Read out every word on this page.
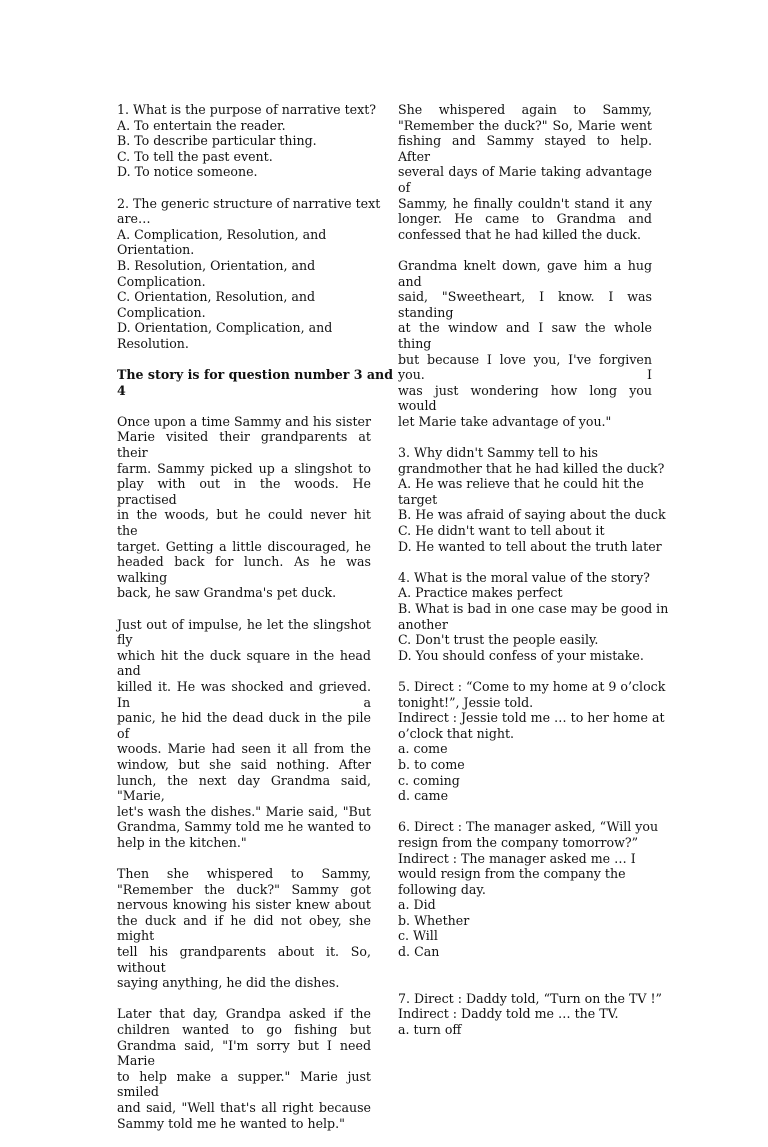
1. What is the purpose of narrative text?
A. To entertain the reader.
B. To describe particular thing.
C. To tell the past event.
D. To notice someone.
2. The generic structure of narrative text
are…
A. Complication, Resolution, and
Orientation.
B. Resolution, Orientation, and
Complication.
C. Orientation, Resolution, and
Complication.
D. Orientation, Complication, and
Resolution.
The story is for question number 3 and
4
Once upon a time Sammy and his sister
Marie visited their grandparents at their
farm. Sammy picked up a slingshot to
play with out in the woods. He practised
in the woods, but he could never hit the
target. Getting a little discouraged, he
headed back for lunch. As he was walking
back, he saw Grandma's pet duck.
Just out of impulse, he let the slingshot fly
which hit the duck square in the head and
killed it. He was shocked and grieved. In a
panic, he hid the dead duck in the pile of
woods. Marie had seen it all from the
window, but she said nothing. After
lunch, the next day Grandma said, "Marie,
let's wash the dishes." Marie said, "But
Grandma, Sammy told me he wanted to
help in the kitchen."
Then she whispered to Sammy,
"Remember the duck?" Sammy got
nervous knowing his sister knew about
the duck and if he did not obey, she might
tell his grandparents about it. So, without
saying anything, he did the dishes.
Later that day, Grandpa asked if the
children wanted to go fishing but
Grandma said, "I'm sorry but I need Marie
to help make a supper." Marie just smiled
and said, "Well that's all right because
Sammy told me he wanted to help."
She whispered again to Sammy,
"Remember the duck?" So, Marie went
fishing and Sammy stayed to help. After
several days of Marie taking advantage of
Sammy, he finally couldn't stand it any
longer. He came to Grandma and
confessed that he had killed the duck.
Grandma knelt down, gave him a hug and
said, "Sweetheart, I know. I was standing
at the window and I saw the whole thing
but because I love you, I've forgiven you. I
was just wondering how long you would
let Marie take advantage of you."
3. Why didn't Sammy tell to his
grandmother that he had killed the duck?
A. He was relieve that he could hit the
target
B. He was afraid of saying about the duck
C. He didn't want to tell about it
D. He wanted to tell about the truth later
4. What is the moral value of the story?
A. Practice makes perfect
B. What is bad in one case may be good in
another
C. Don't trust the people easily.
D. You should confess of your mistake.
5. Direct : “Come to my home at 9 o’clock
tonight!”, Jessie told.
Indirect : Jessie told me … to her home at
o’clock that night.
a. come
b. to come
c. coming
d. came
6. Direct : The manager asked, “Will you
resign from the company tomorrow?”
Indirect : The manager asked me … I
would resign from the company the
following day.
a. Did
b. Whether
c. Will
d. Can
7. Direct : Daddy told, “Turn on the TV !”
Indirect : Daddy told me … the TV.
a. turn off
